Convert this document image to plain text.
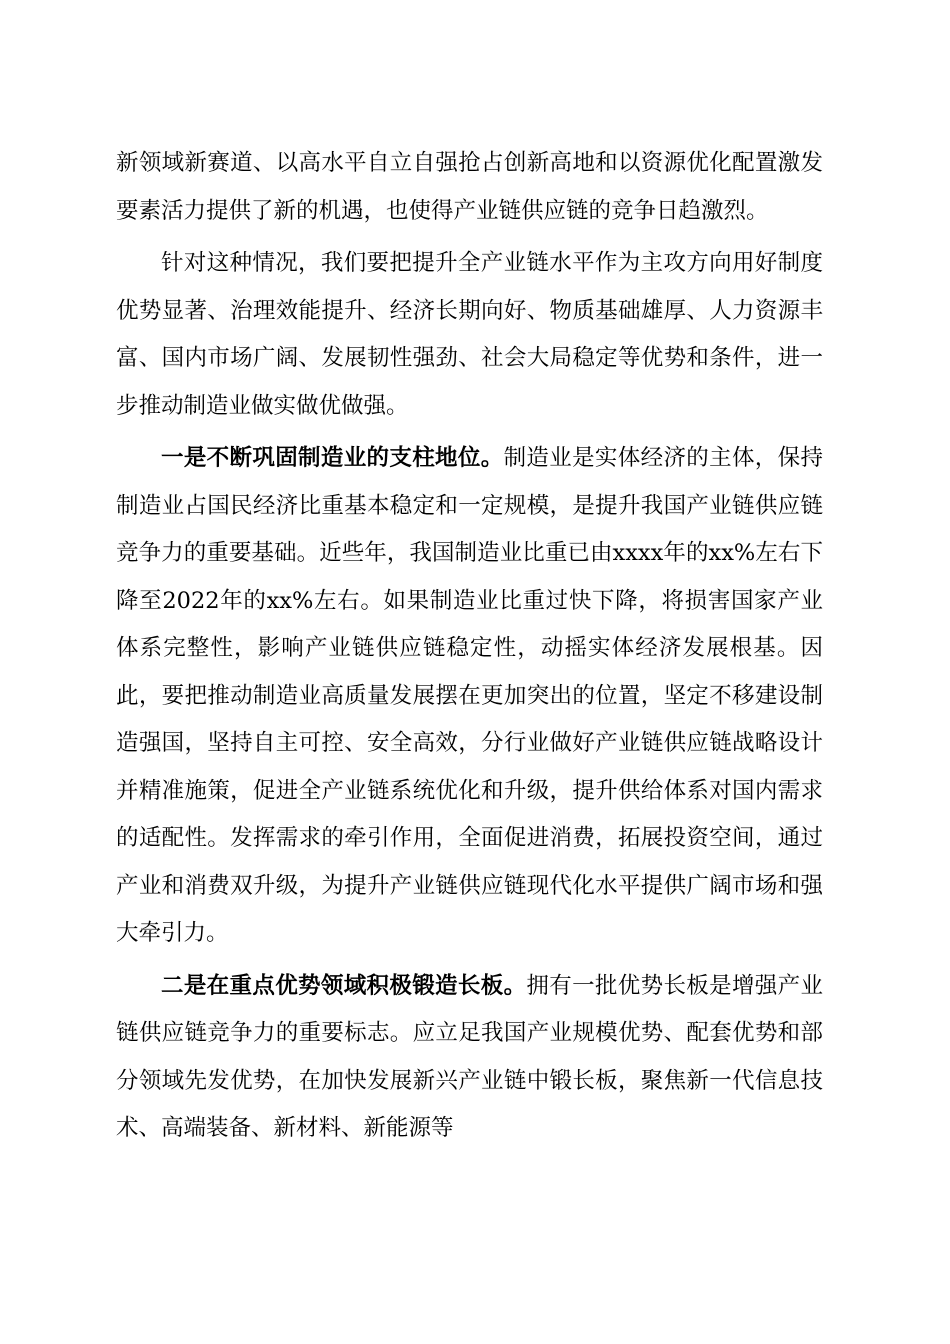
新领域新赛道、以高水平自立自强抢占创新高地和以资源优化配置激发要素活力提供了新的机遇，也使得产业链供应链的竞争日趋激烈。

针对这种情况，我们要把提升全产业链水平作为主攻方向用好制度优势显著、治理效能提升、经济长期向好、物质基础雄厚、人力资源丰富、国内市场广阔、发展韧性强劲、社会大局稳定等优势和条件，进一步推动制造业做实做优做强。

一是不断巩固制造业的支柱地位。制造业是实体经济的主体，保持制造业占国民经济比重基本稳定和一定规模，是提升我国产业链供应链竞争力的重要基础。近些年，我国制造业比重已由xxxx年的xx%左右下降至2022年的xx%左右。如果制造业比重过快下降，将损害国家产业体系完整性，影响产业链供应链稳定性，动摇实体经济发展根基。因此，要把推动制造业高质量发展摆在更加突出的位置，坚定不移建设制造强国，坚持自主可控、安全高效，分行业做好产业链供应链战略设计并精准施策，促进全产业链系统优化和升级，提升供给体系对国内需求的适配性。发挥需求的牵引作用，全面促进消费，拓展投资空间，通过产业和消费双升级，为提升产业链供应链现代化水平提供广阔市场和强大牵引力。

二是在重点优势领域积极锻造长板。拥有一批优势长板是增强产业链供应链竞争力的重要标志。应立足我国产业规模优势、配套优势和部分领域先发优势，在加快发展新兴产业链中锻长板，聚焦新一代信息技术、高端装备、新材料、新能源等
